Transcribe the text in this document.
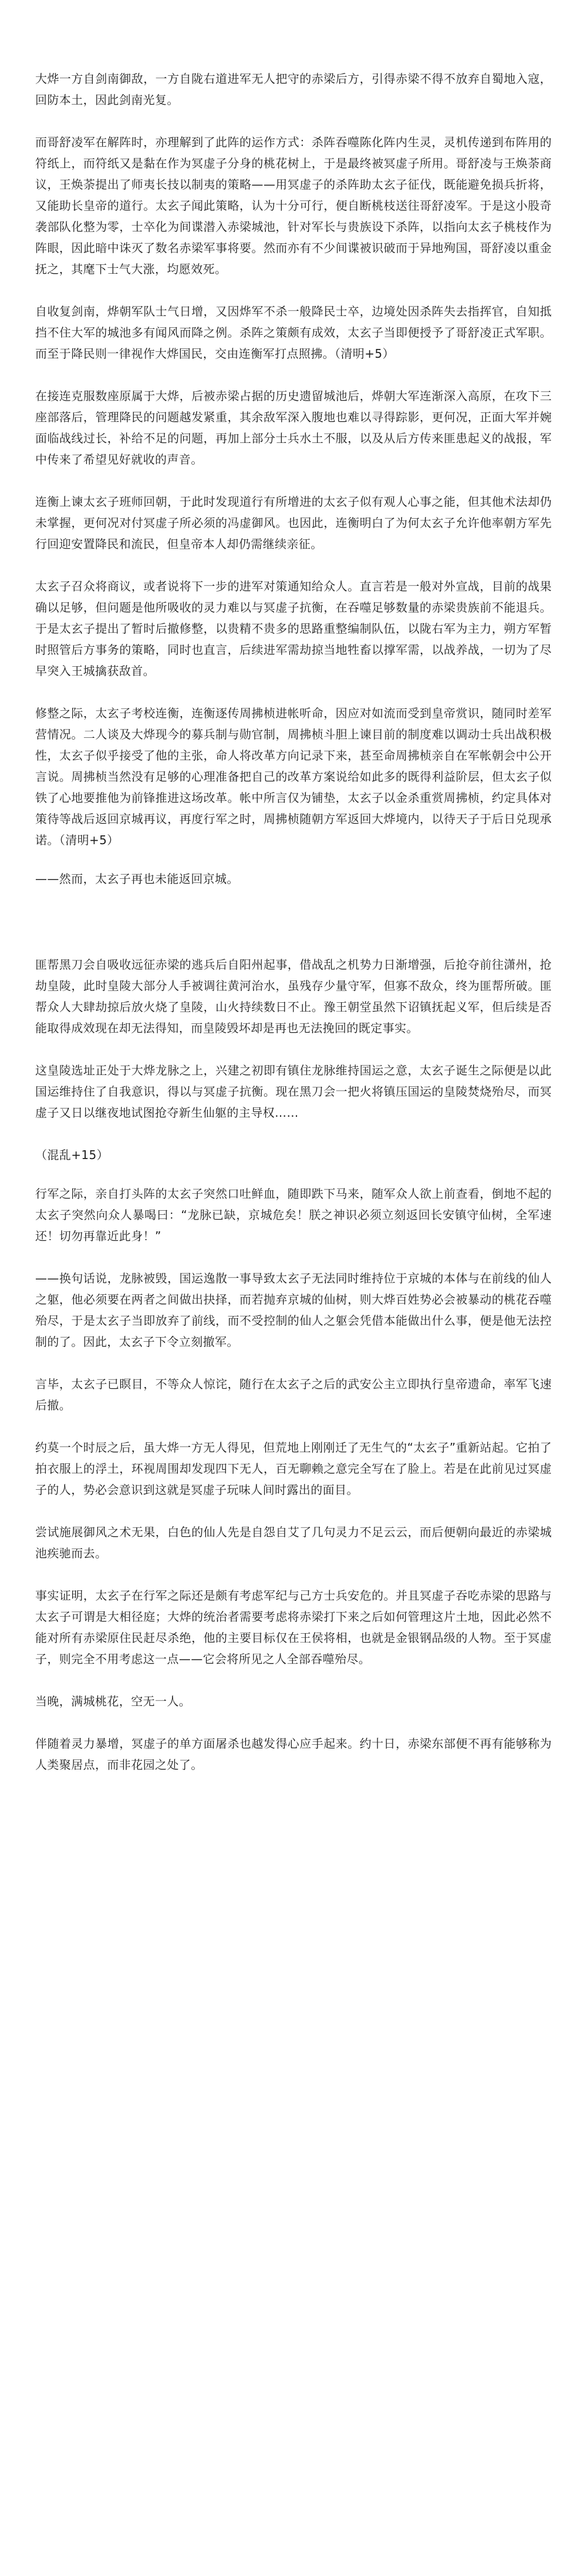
大烨一方自剑南御敌，一方自陇右道进军无人把守的赤梁后方，引得赤梁不得不放弃自蜀地入寇，回防本土，因此剑南光复。

而哥舒凌军在解阵时，亦理解到了此阵的运作方式：杀阵吞噬陈化阵内生灵，灵机传递到布阵用的符纸上，而符纸又是黏在作为冥虚子分身的桃花树上，于是最终被冥虚子所用。哥舒凌与王焕荼商议，王焕荼提出了师夷长技以制夷的策略——用冥虚子的杀阵助太玄子征伐，既能避免损兵折将，又能助长皇帝的道行。太玄子闻此策略，认为十分可行，便自断桃枝送往哥舒凌军。于是这小股奇袭部队化整为零，士卒化为间谍潜入赤梁城池，针对军长与贵族设下杀阵，以指向太玄子桃枝作为阵眼，因此暗中诛灭了数名赤梁军事将要。然而亦有不少间谍被识破而于异地殉国，哥舒凌以重金抚之，其麾下士气大涨，均愿效死。

自收复剑南，烨朝军队士气日增，又因烨军不杀一般降民士卒，边境处因杀阵失去指挥官，自知抵挡不住大军的城池多有闻风而降之例。杀阵之策颇有成效，太玄子当即便授予了哥舒凌正式军职。而至于降民则一律视作大烨国民，交由连衡军打点照拂。（清明+5）

在接连克服数座原属于大烨，后被赤梁占据的历史遗留城池后，烨朝大军连渐深入高原，在攻下三座部落后，管理降民的问题越发紧重，其余敌军深入腹地也难以寻得踪影，更何况，正面大军并婉面临战线过长，补给不足的问题，再加上部分士兵水土不服，以及从后方传来匪患起义的战报，军中传来了希望见好就收的声音。

连衡上谏太玄子班师回朝，于此时发现道行有所增进的太玄子似有观人心事之能，但其他术法却仍未掌握，更何况对付冥虚子所必须的冯虚御风。也因此，连衡明白了为何太玄子允许他率朝方军先行回迎安置降民和流民，但皇帝本人却仍需继续亲征。

太玄子召众将商议，或者说将下一步的进军对策通知给众人。直言若是一般对外宣战，目前的战果确以足够，但问题是他所吸收的灵力难以与冥虚子抗衡，在吞噬足够数量的赤梁贵族前不能退兵。于是太玄子提出了暂时后撤修整，以贵精不贵多的思路重整编制队伍，以陇右军为主力，朔方军暂时照管后方事务的策略，同时也直言，后续进军需劫掠当地牲畜以撑军需，以战养战，一切为了尽早突入王城擒获敌首。

修整之际，太玄子考校连衡，连衡逐传周拂桢进帐听命，因应对如流而受到皇帝赏识，随同时差军营情况。二人谈及大烨现今的募兵制与勋官制，周拂桢斗胆上谏目前的制度难以调动士兵出战积极性，太玄子似乎接受了他的主张，命人将改革方向记录下来，甚至命周拂桢亲自在军帐朝会中公开言说。周拂桢当然没有足够的心理准备把自己的改革方案说给如此多的既得利益阶层，但太玄子似铁了心地要推他为前锋推进这场改革。帐中所言仅为铺垫，太玄子以金杀重赏周拂桢，约定具体对策待等战后返回京城再议，再度行军之时，周拂桢随朝方军返回大烨境内，以待天子于后日兑现承诺。（清明+5）

——然而，太玄子再也未能返回京城。

匪帮黑刀会自吸收远征赤梁的逃兵后自阳州起事，借战乱之机势力日渐增强，后抢夺前往潇州，抢劫皇陵，此时皇陵大部分人手被调往黄河治水，虽残存少量守军，但寡不敌众，终为匪帮所破。匪帮众人大肆劫掠后放火烧了皇陵，山火持续数日不止。豫王朝堂虽然下诏镇抚起义军，但后续是否能取得成效现在却无法得知，而皇陵毁坏却是再也无法挽回的既定事实。

这皇陵选址正处于大烨龙脉之上，兴建之初即有镇住龙脉维持国运之意，太玄子诞生之际便是以此国运维持住了自我意识，得以与冥虚子抗衡。现在黑刀会一把火将镇压国运的皇陵焚烧殆尽，而冥虚子又日以继夜地试图抢夺新生仙躯的主导权……

（混乱+15）

行军之际，亲自打头阵的太玄子突然口吐鲜血，随即跌下马来，随军众人欲上前查看，倒地不起的太玄子突然向众人暴喝曰：“龙脉已缺，京城危矣！朕之神识必须立刻返回长安镇守仙树，全军速还！切勿再靠近此身！”

——换句话说，龙脉被毁，国运逸散一事导致太玄子无法同时维持位于京城的本体与在前线的仙人之躯，他必须要在两者之间做出抉择，而若抛弃京城的仙树，则大烨百姓势必会被暴动的桃花吞噬殆尽，于是太玄子当即放弃了前线，而不受控制的仙人之躯会凭借本能做出什么事，便是他无法控制的了。因此，太玄子下令立刻撤军。

言毕，太玄子已瞑目，不等众人惊诧，随行在太玄子之后的武安公主立即执行皇帝遗命，率军飞速后撤。

约莫一个时辰之后，虽大烨一方无人得见，但荒地上刚刚迁了无生气的“太玄子”重新站起。它拍了拍衣服上的浮土，环视周围却发现四下无人，百无聊赖之意完全写在了脸上。若是在此前见过冥虚子的人，势必会意识到这就是冥虚子玩味人间时露出的面目。

尝试施展御风之术无果，白色的仙人先是自怨自艾了几句灵力不足云云，而后便朝向最近的赤梁城池疾驰而去。

事实证明，太玄子在行军之际还是颇有考虑军纪与己方士兵安危的。并且冥虚子吞吃赤梁的思路与太玄子可谓是大相径庭；大烨的统治者需要考虑将赤梁打下来之后如何管理这片土地，因此必然不能对所有赤梁原住民赶尽杀绝，他的主要目标仅在王侯将相，也就是金银钢品级的人物。至于冥虚子，则完全不用考虑这一点——它会将所见之人全部吞噬殆尽。

当晚，满城桃花，空无一人。

伴随着灵力暴增，冥虚子的单方面屠杀也越发得心应手起来。约十日，赤梁东部便不再有能够称为人类聚居点，而非花园之处了。
